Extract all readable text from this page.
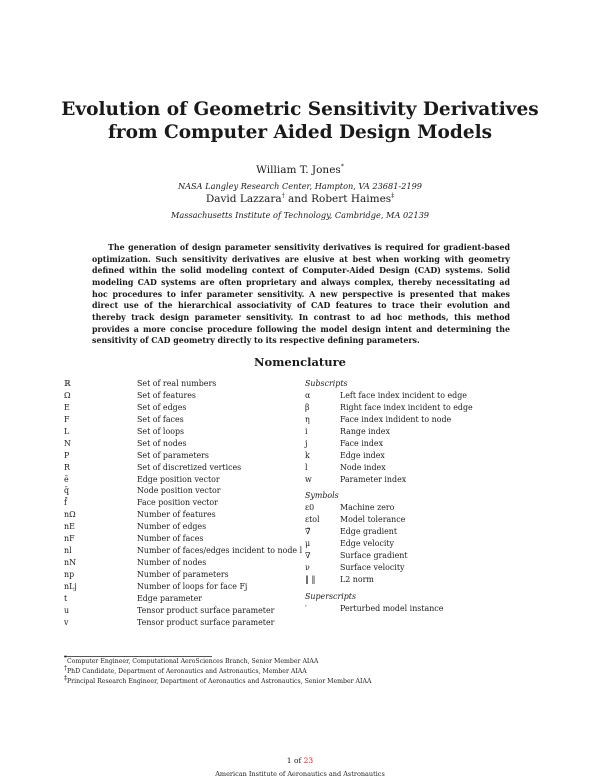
Evolution of Geometric Sensitivity Derivatives
from Computer Aided Design Models
William T. Jones*
NASA Langley Research Center, Hampton, VA 23681-2199
David Lazzara† and Robert Haimes‡
Massachusetts Institute of Technology, Cambridge, MA 02139
The generation of design parameter sensitivity derivatives is required for gradient-based optimization. Such sensitivity derivatives are elusive at best when working with geometry defined within the solid modeling context of Computer-Aided Design (CAD) systems. Solid modeling CAD systems are often proprietary and always complex, thereby necessitating ad hoc procedures to infer parameter sensitivity. A new perspective is presented that makes direct use of the hierarchical associativity of CAD features to trace their evolution and thereby track design parameter sensitivity. In contrast to ad hoc methods, this method provides a more concise procedure following the model design intent and determining the sensitivity of CAD geometry directly to its respective defining parameters.
Nomenclature
ℝ	Set of real numbers
Ω	Set of features
E	Set of edges
F	Set of faces
L	Set of loops
N	Set of nodes
P	Set of parameters
R	Set of discretized vertices
ē	Edge position vector
q̄	Node position vector
f̄	Face position vector
nΩ	Number of features
nE	Number of edges
nF	Number of faces
nl	Number of faces/edges incident to node l
nN	Number of nodes
np	Number of parameters
nLj	Number of loops for face Fj
t	Edge parameter
u	Tensor product surface parameter
v	Tensor product surface parameter
Subscripts
α	Left face index incident to edge
β	Right face index incident to edge
η	Face index indident to node
i	Range index
j	Face index
k	Edge index
l	Node index
w	Parameter index
Symbols
ε0	Machine zero
εtol	Model tolerance
∇̃	Edge gradient
μ	Edge velocity
∇	Surface gradient
ν	Surface velocity
‖ ‖	L2 norm
Superscripts
′	Perturbed model instance
*Computer Engineer, Computational AeroSciences Branch, Senior Member AIAA
†PhD Candidate, Department of Aeronautics and Astronautics, Member AIAA
‡Principal Research Engineer, Department of Aeronautics and Astronautics, Senior Member AIAA
1 of 23
American Institute of Aeronautics and Astronautics
